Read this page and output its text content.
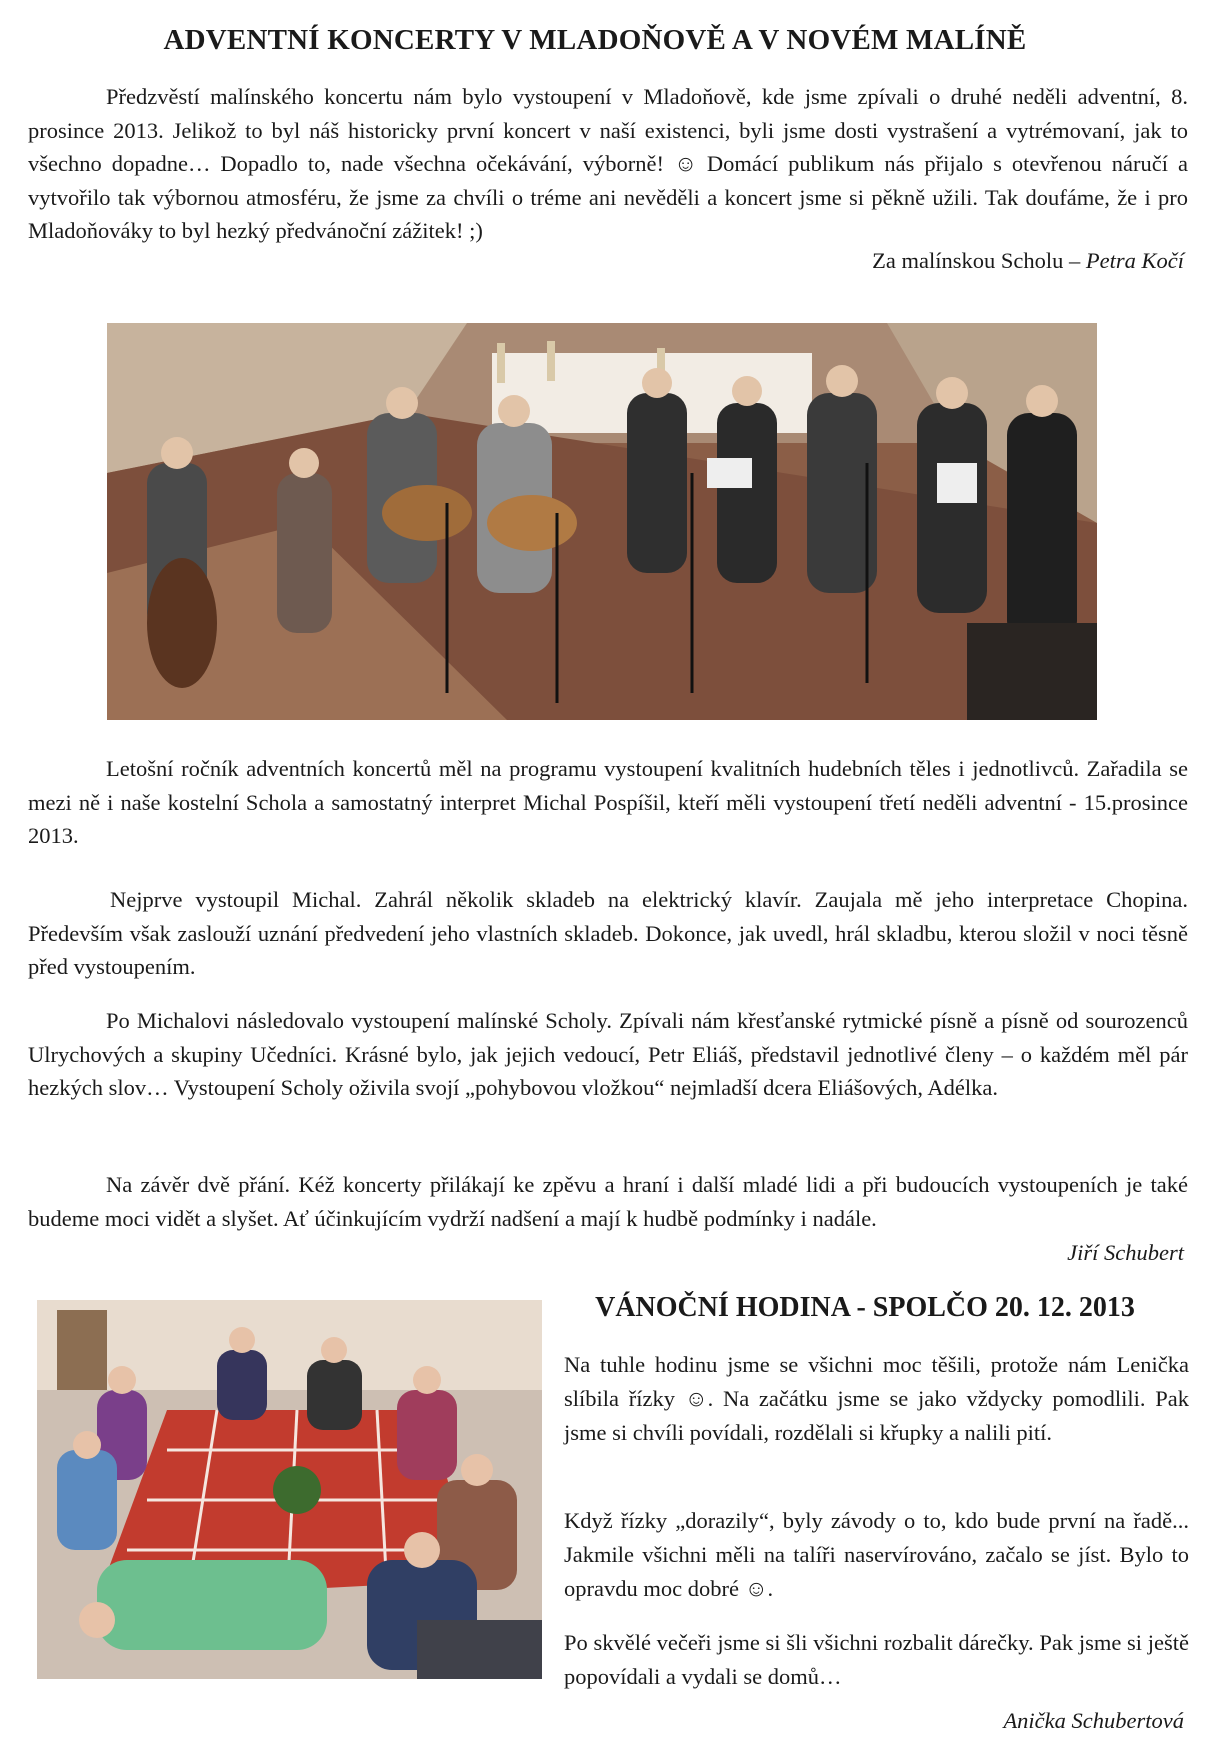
ADVENTNÍ KONCERTY V MLADOŇOVĚ A V NOVÉM MALÍNĚ

Předzvěstí malínského koncertu nám bylo vystoupení v Mladoňově, kde jsme zpívali o druhé neděli adventní, 8. prosince 2013. Jelikož to byl náš historicky první koncert v naší existenci, byli jsme dosti vystrašení a vytrémovaní, jak to všechno dopadne… Dopadlo to, nade všechna očekávání, výborně! ☺ Domácí publikum nás přijalo s otevřenou náručí a vytvořilo tak výbornou atmosféru, že jsme za chvíli o tréme ani nevěděli a koncert jsme si pěkně užili. Tak doufáme, že i pro Mladoňováky to byl hezký předvánoční zážitek! ;)

Za malínskou Scholu – Petra Kočí

Letošní ročník adventních koncertů měl na programu vystoupení kvalitních hudebních těles i jednotlivců. Zařadila se mezi ně i naše kostelní Schola a samostatný interpret Michal Pospíšil, kteří měli vystoupení třetí neděli adventní - 15.prosince 2013.

Nejprve vystoupil Michal. Zahrál několik skladeb na elektrický klavír. Zaujala mě jeho interpretace Chopina. Především však zaslouží uznání předvedení jeho vlastních skladeb. Dokonce, jak uvedl, hrál skladbu, kterou složil v noci těsně před vystoupením.

Po Michalovi následovalo vystoupení malínské Scholy. Zpívali nám křesťanské rytmické písně a písně od sourozenců Ulrychových a skupiny Učedníci. Krásné bylo, jak jejich vedoucí, Petr Eliáš, představil jednotlivé členy – o každém měl pár hezkých slov… Vystoupení Scholy oživila svojí „pohybovou vložkou“ nejmladší dcera Eliášových, Adélka.

Na závěr dvě přání. Kéž koncerty přilákají ke zpěvu a hraní i další mladé lidi a při budoucích vystoupeních je také budeme moci vidět a slyšet. Ať účinkujícím vydrží nadšení a mají k hudbě podmínky i nadále.

Jiří Schubert

VÁNOČNÍ HODINA - SPOLČO 20. 12. 2013

Na tuhle hodinu jsme se všichni moc těšili, protože nám Lenička slíbila řízky ☺. Na začátku jsme se jako vždycky pomodlili. Pak jsme si chvíli povídali, rozdělali si křupky a nalili pití.

Když řízky „dorazily“, byly závody o to, kdo bude první na řadě... Jakmile všichni měli na talíři naservírováno, začalo se jíst. Bylo to opravdu moc dobré ☺.

Po skvělé večeři jsme si šli všichni rozbalit dárečky. Pak jsme si ještě popovídali a vydali se domů…

Anička Schubertová
